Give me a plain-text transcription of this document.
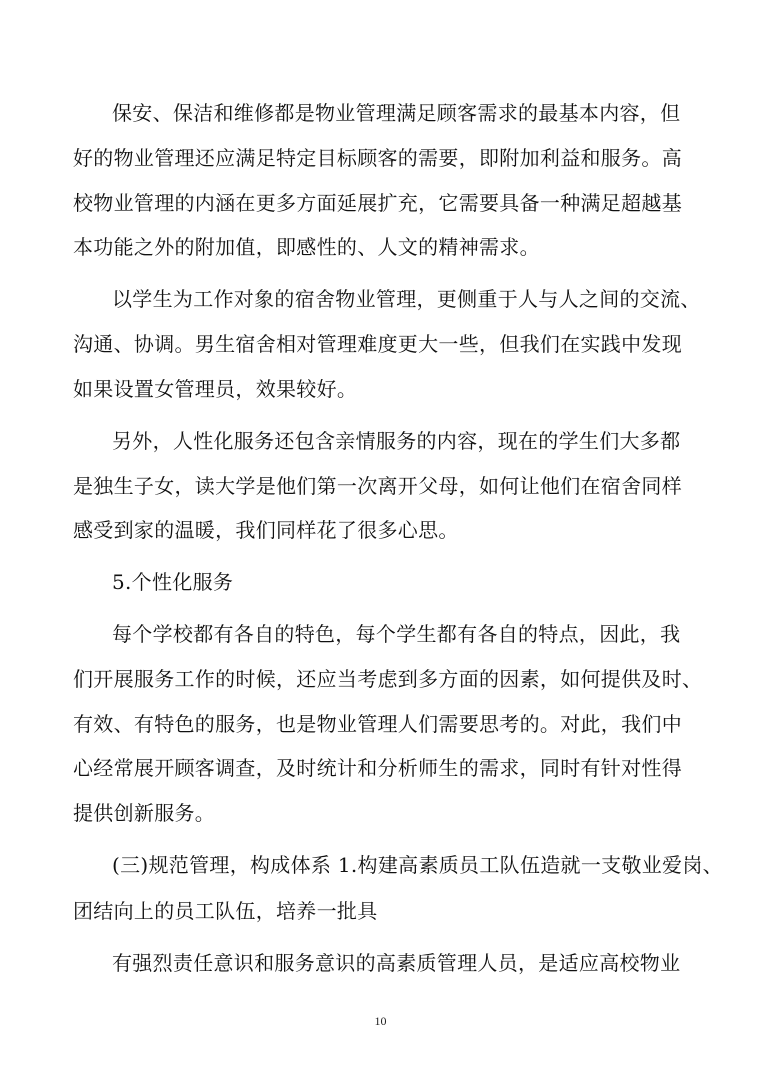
保安、保洁和维修都是物业管理满足顾客需求的最基本内容，但
好的物业管理还应满足特定目标顾客的需要，即附加利益和服务。高
校物业管理的内涵在更多方面延展扩充，它需要具备一种满足超越基
本功能之外的附加值，即感性的、人文的精神需求。
以学生为工作对象的宿舍物业管理，更侧重于人与人之间的交流、
沟通、协调。男生宿舍相对管理难度更大一些，但我们在实践中发现
如果设置女管理员，效果较好。
另外，人性化服务还包含亲情服务的内容，现在的学生们大多都
是独生子女，读大学是他们第一次离开父母，如何让他们在宿舍同样
感受到家的温暖，我们同样花了很多心思。
5.个性化服务
每个学校都有各自的特色，每个学生都有各自的特点，因此，我
们开展服务工作的时候，还应当考虑到多方面的因素，如何提供及时、
有效、有特色的服务，也是物业管理人们需要思考的。对此，我们中
心经常展开顾客调查，及时统计和分析师生的需求，同时有针对性得
提供创新服务。
(三)规范管理，构成体系 1.构建高素质员工队伍造就一支敬业爱岗、
团结向上的员工队伍，培养一批具
有强烈责任意识和服务意识的高素质管理人员，是适应高校物业
10
